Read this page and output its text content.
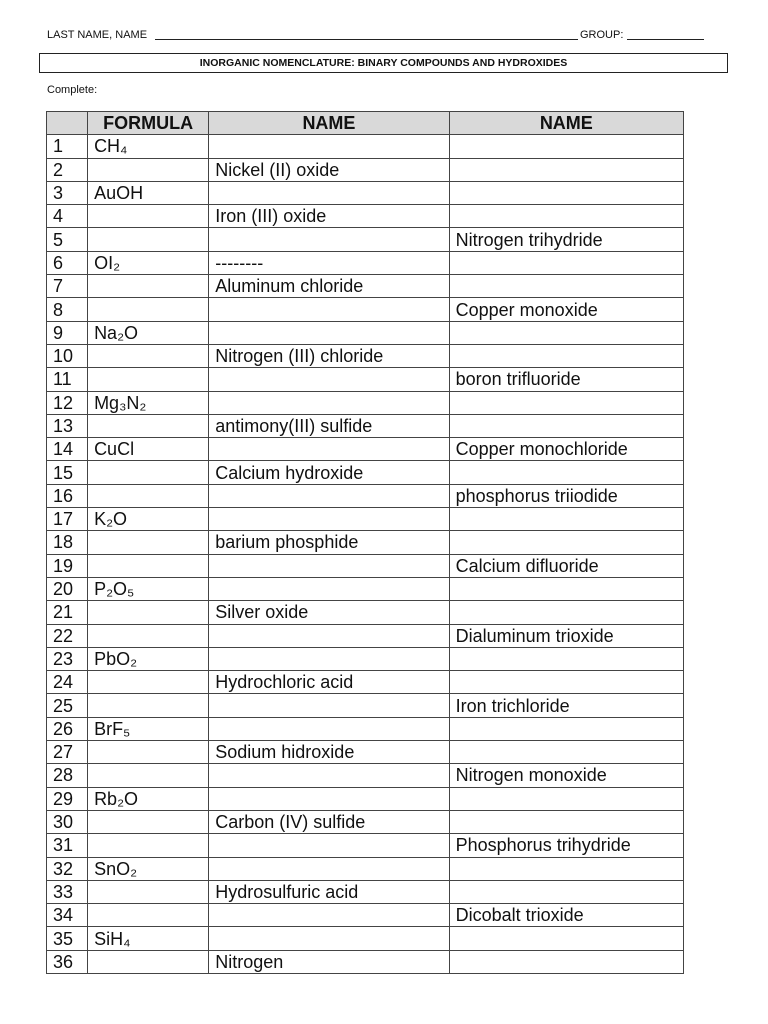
LAST NAME, NAME	GROUP:
INORGANIC NOMENCLATURE: BINARY COMPOUNDS AND HYDROXIDES
Complete:
	FORMULA	NAME	NAME
1	CH₄		
2		Nickel (II) oxide	
3	AuOH		
4		Iron (III) oxide	
5			Nitrogen trihydride
6	OI₂	--------	
7		Aluminum chloride	
8			Copper monoxide
9	Na₂O		
10		Nitrogen (III) chloride	
11			boron trifluoride
12	Mg₃N₂		
13		antimony(III) sulfide	
14	CuCl		Copper monochloride
15		Calcium hydroxide	
16			phosphorus triiodide
17	K₂O		
18		barium phosphide	
19			Calcium difluoride
20	P₂O₅		
21		Silver oxide	
22			Dialuminum trioxide
23	PbO₂		
24		Hydrochloric acid	
25			Iron trichloride
26	BrF₅		
27		Sodium hidroxide	
28			Nitrogen monoxide
29	Rb₂O		
30		Carbon (IV) sulfide	
31			Phosphorus trihydride
32	SnO₂		
33		Hydrosulfuric acid	
34			Dicobalt trioxide
35	SiH₄		
36		Nitrogen	
